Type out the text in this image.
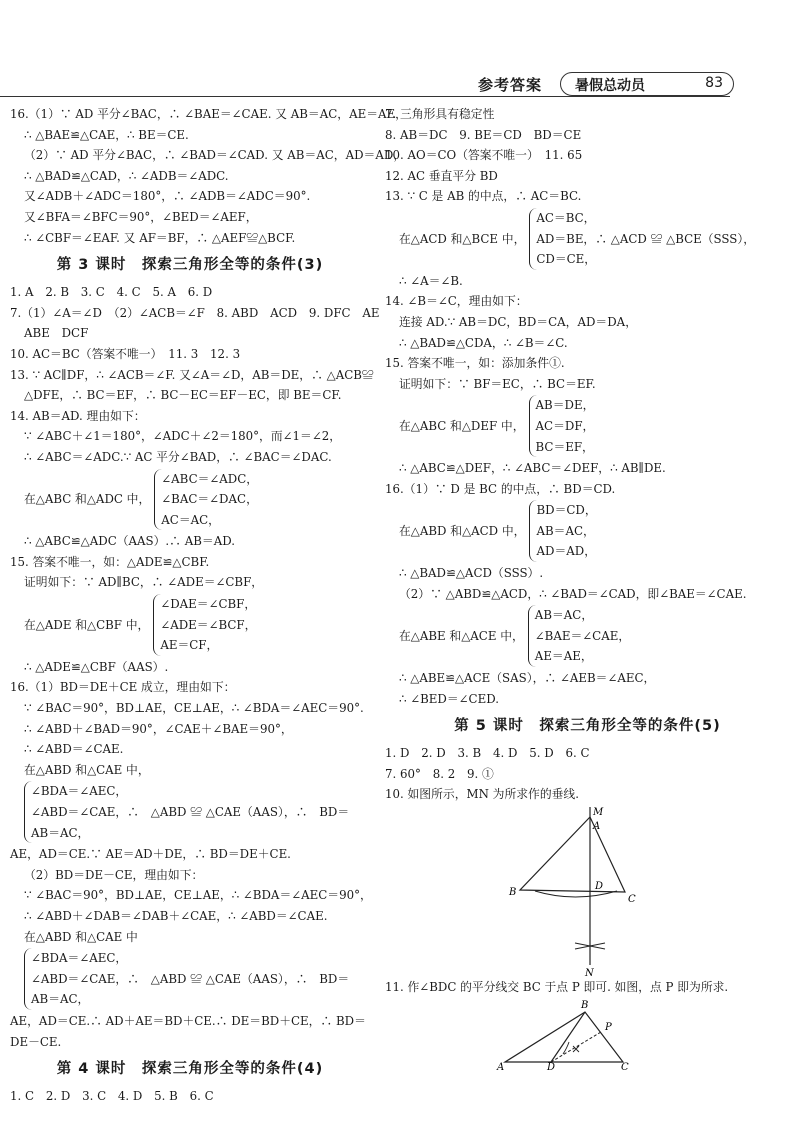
参考答案 暑假总动员	83
16.（1）∵ AD 平分∠BAC，∴ ∠BAE＝∠CAE. 又 AB＝AC，AE＝AE，
∴ △BAE≌△CAE，∴ BE＝CE.
（2）∵ AD 平分∠BAC，∴ ∠BAD＝∠CAD. 又 AB＝AC，AD＝AD，
∴ △BAD≌△CAD，∴ ∠ADB＝∠ADC.
又∠ADB＋∠ADC＝180°，∴ ∠ADB＝∠ADC＝90°.
又∠BFA＝∠BFC＝90°，∠BED＝∠AEF，
∴ ∠CBF＝∠EAF. 又 AF＝BF，∴ △AEF≌△BCF.
第 3 课时　探索三角形全等的条件(3)
1. A　2. B　3. C　4. C　5. A　6. D
7.（1）∠A＝∠D　（2）∠ACB＝∠F　8. ABD　ACD　9. DFC　AE
ABE　DCF
10. AC＝BC（答案不唯一）　11. 3　12. 3
13. ∵ AC∥DF，∴ ∠ACB＝∠F. 又∠A＝∠D，AB＝DE，∴ △ACB≌
△DFE，∴ BC＝EF，∴ BC－EC＝EF－EC，即 BE＝CF.
14. AB＝AD. 理由如下：
∵ ∠ABC＋∠1＝180°，∠ADC＋∠2＝180°，而∠1＝∠2，
∴ ∠ABC＝∠ADC.∵ AC 平分∠BAD，∴ ∠BAC＝∠DAC.
在△ABC 和△ADC 中，
∠ABC＝∠ADC，
∠BAC＝∠DAC，
AC＝AC，
∴ △ABC≌△ADC（AAS）.∴ AB＝AD.
15. 答案不唯一，如：△ADE≌△CBF.
证明如下：∵ AD∥BC，∴ ∠ADE＝∠CBF，
在△ADE 和△CBF 中，
∠DAE＝∠CBF，
∠ADE＝∠BCF，
AE＝CF，
∴ △ADE≌△CBF（AAS）.
16.（1）BD＝DE＋CE 成立，理由如下：
∵ ∠BAC＝90°，BD⊥AE，CE⊥AE，∴ ∠BDA＝∠AEC＝90°.
∴ ∠ABD＋∠BAD＝90°，∠CAE＋∠BAE＝90°，
∴ ∠ABD＝∠CAE.
在△ABD 和△CAE 中，
∠BDA＝∠AEC，
∠ABD＝∠CAE，∴　△ABD ≌ △CAE（AAS），∴　BD＝
AB＝AC，
AE，AD＝CE.∵ AE＝AD＋DE，∴ BD＝DE＋CE.
（2）BD＝DE－CE，理由如下：
∵ ∠BAC＝90°，BD⊥AE，CE⊥AE，∴ ∠BDA＝∠AEC＝90°，
∴ ∠ABD＋∠DAB＝∠DAB＋∠CAE，∴ ∠ABD＝∠CAE.
在△ABD 和△CAE 中
∠BDA＝∠AEC，
∠ABD＝∠CAE，∴　△ABD ≌ △CAE（AAS），∴　BD＝
AB＝AC，
AE，AD＝CE.∴ AD＋AE＝BD＋CE.∴ DE＝BD＋CE，∴ BD＝
DE－CE.
第 4 课时　探索三角形全等的条件(4)
1. C　2. D　3. C　4. D　5. B　6. C
7. 三角形具有稳定性
8. AB＝DC　9. BE＝CD　BD＝CE
10. AO＝CO（答案不唯一）　11. 65
12. AC 垂直平分 BD
13. ∵ C 是 AB 的中点，∴ AC＝BC.
在△ACD 和△BCE 中，
AC＝BC，
AD＝BE，∴ △ACD ≌ △BCE（SSS），
CD＝CE，
∴ ∠A＝∠B.
14. ∠B＝∠C，理由如下：
连接 AD.∵ AB＝DC，BD＝CA，AD＝DA，
∴ △BAD≌△CDA，∴ ∠B＝∠C.
15. 答案不唯一，如：添加条件①.
证明如下：∵ BF＝EC，∴ BC＝EF.
在△ABC 和△DEF 中，
AB＝DE，
AC＝DF，
BC＝EF，
∴ △ABC≌△DEF，∴ ∠ABC＝∠DEF，∴ AB∥DE.
16.（1）∵ D 是 BC 的中点，∴ BD＝CD.
在△ABD 和△ACD 中，
BD＝CD，
AB＝AC，
AD＝AD，
∴ △BAD≌△ACD（SSS）.
（2）∵ △ABD≌△ACD，∴ ∠BAD＝∠CAD，即∠BAE＝∠CAE.
在△ABE 和△ACE 中，
AB＝AC，
∠BAE＝∠CAE，
AE＝AE，
∴ △ABE≌△ACE（SAS），∴ ∠AEB＝∠AEC，
∴ ∠BED＝∠CED.
第 5 课时　探索三角形全等的条件(5)
1. D　2. D　3. B　4. D　5. D　6. C
7. 60°　8. 2　9. ①
10. 如图所示，MN 为所求作的垂线.
M
A
B
C
D
N
11. 作∠BDC 的平分线交 BC 于点 P 即可. 如图，点 P 即为所求.
B
P
A	D	C
